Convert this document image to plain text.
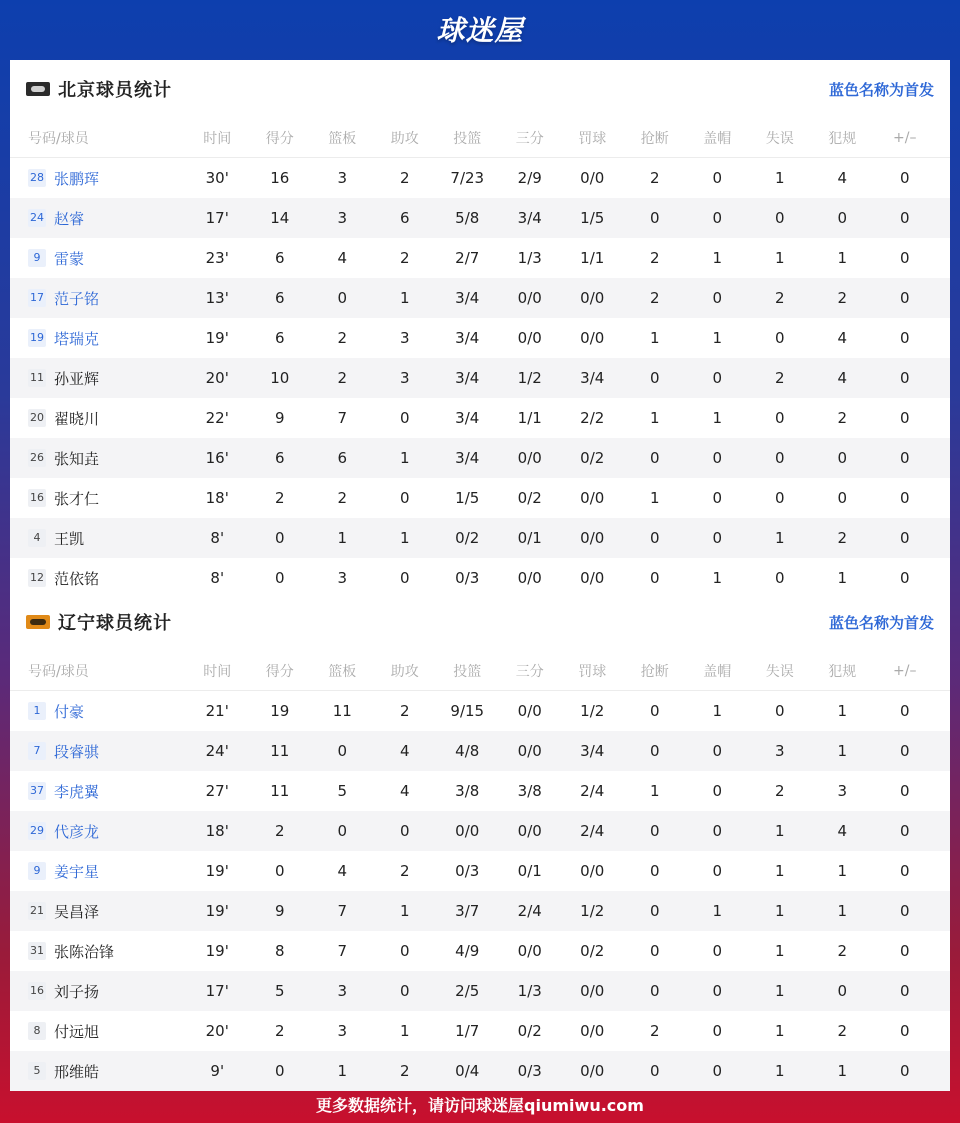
球迷屋
北京球员统计	蓝色名称为首发
号码/球员	时间	得分	篮板	助攻	投篮	三分	罚球	抢断	盖帽	失误	犯规	+/–
28 张鹏珲	30'	16	3	2	7/23	2/9	0/0	2	0	1	4	0
24 赵睿	17'	14	3	6	5/8	3/4	1/5	0	0	0	0	0
9 雷蒙	23'	6	4	2	2/7	1/3	1/1	2	1	1	1	0
17 范子铭	13'	6	0	1	3/4	0/0	0/0	2	0	2	2	0
19 塔瑞克	19'	6	2	3	3/4	0/0	0/0	1	1	0	4	0
11 孙亚辉	20'	10	2	3	3/4	1/2	3/4	0	0	2	4	0
20 翟晓川	22'	9	7	0	3/4	1/1	2/2	1	1	0	2	0
26 张知垚	16'	6	6	1	3/4	0/0	0/2	0	0	0	0	0
16 张才仁	18'	2	2	0	1/5	0/2	0/0	1	0	0	0	0
4 王凯	8'	0	1	1	0/2	0/1	0/0	0	0	1	2	0
12 范依铭	8'	0	3	0	0/3	0/0	0/0	0	1	0	1	0
辽宁球员统计	蓝色名称为首发
号码/球员	时间	得分	篮板	助攻	投篮	三分	罚球	抢断	盖帽	失误	犯规	+/–
1 付豪	21'	19	11	2	9/15	0/0	1/2	0	1	0	1	0
7 段睿骐	24'	11	0	4	4/8	0/0	3/4	0	0	3	1	0
37 李虎翼	27'	11	5	4	3/8	3/8	2/4	1	0	2	3	0
29 代彦龙	18'	2	0	0	0/0	0/0	2/4	0	0	1	4	0
9 姜宇星	19'	0	4	2	0/3	0/1	0/0	0	0	1	1	0
21 吴昌泽	19'	9	7	1	3/7	2/4	1/2	0	1	1	1	0
31 张陈治锋	19'	8	7	0	4/9	0/0	0/2	0	0	1	2	0
16 刘子扬	17'	5	3	0	2/5	1/3	0/0	0	0	1	0	0
8 付远旭	20'	2	3	1	1/7	0/2	0/0	2	0	1	2	0
5 邢维皓	9'	0	1	2	0/4	0/3	0/0	0	0	1	1	0
更多数据统计，请访问球迷屋qiumiwu.com
